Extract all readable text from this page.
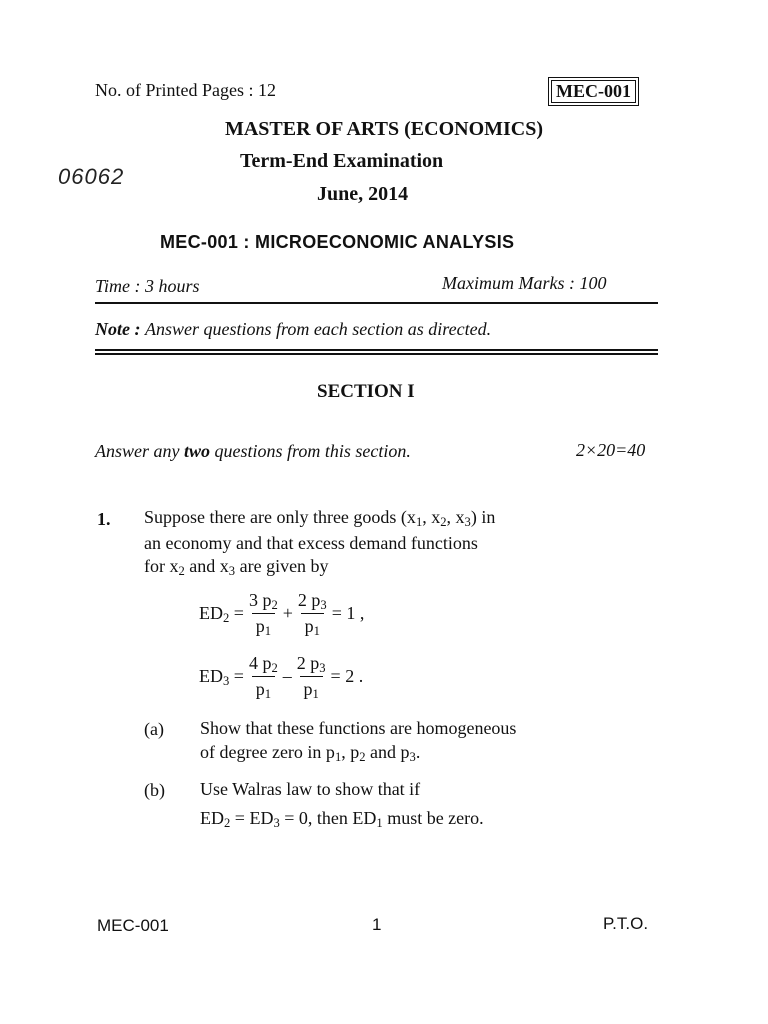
No. of Printed Pages : 12	MEC-001
MASTER OF ARTS (ECONOMICS)
Term-End Examination
June, 2014
06062
MEC-001 : MICROECONOMIC ANALYSIS
Time : 3 hours	Maximum Marks : 100
Note : Answer questions from each section as directed.
SECTION I
Answer any two questions from this section.	2×20=40
1. Suppose there are only three goods ($x_1$, $x_2$, $x_3$) in
an economy and that excess demand functions
for $x_2$ and $x_3$ are given by
$ED_2 = \frac{3 p_2}{p_1} + \frac{2 p_3}{p_1} = 1$ ,
$ED_3 = \frac{4 p_2}{p_1} - \frac{2 p_3}{p_1} = 2$ .
(a) Show that these functions are homogeneous
of degree zero in $p_1$, $p_2$ and $p_3$.
(b) Use Walras law to show that if
$ED_2 = ED_3 = 0$, then $ED_1$ must be zero.
MEC-001	1	P.T.O.
